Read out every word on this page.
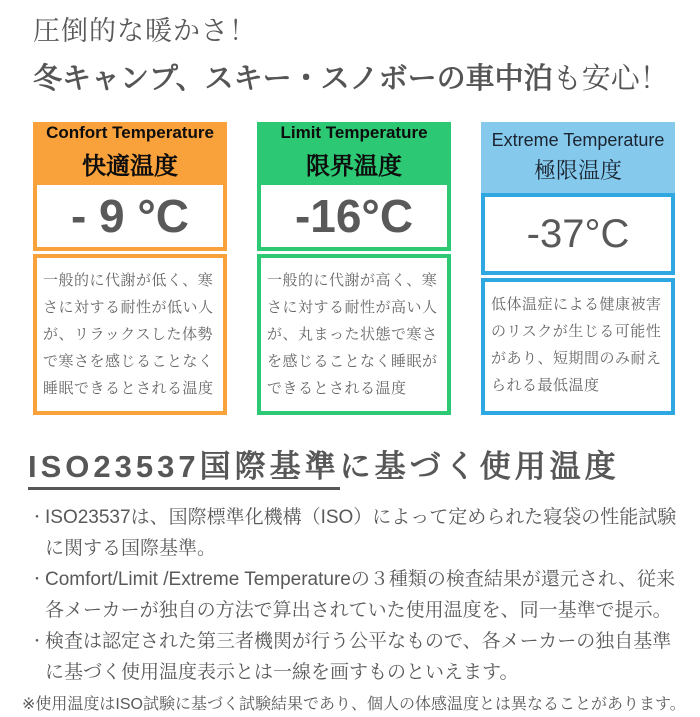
圧倒的な暖かさ！
冬キャンプ、スキー・スノボーの車中泊も安心！
Confort Temperature
快適温度
- 9 °C

一般的に代謝が低く、寒さに対する耐性が低い人が、リラックスした体勢で寒さを感じることなく睡眠できるとされる温度

Limit Temperature
限界温度
-16°C

一般的に代謝が高く、寒さに対する耐性が高い人が、丸まった状態で寒さを感じることなく睡眠ができるとされる温度

Extreme Temperature
極限温度
-37°C

低体温症による健康被害のリスクが生じる可能性があり、短期間のみ耐えられる最低温度

ISO23537国際基準に基づく使用温度
・ ISO23537は、国際標準化機構（ISO）によって定められた寝袋の性能試験に関する国際基準。
・ Comfort/Limit /Extreme Temperatureの３種類の検査結果が還元され、従来各メーカーが独自の方法で算出されていた使用温度を、同一基準で提示。
・ 検査は認定された第三者機関が行う公平なもので、各メーカーの独自基準に基づく使用温度表示とは一線を画すものといえます。
※使用温度はISO試験に基づく試験結果であり、個人の体感温度とは異なることがあります。
